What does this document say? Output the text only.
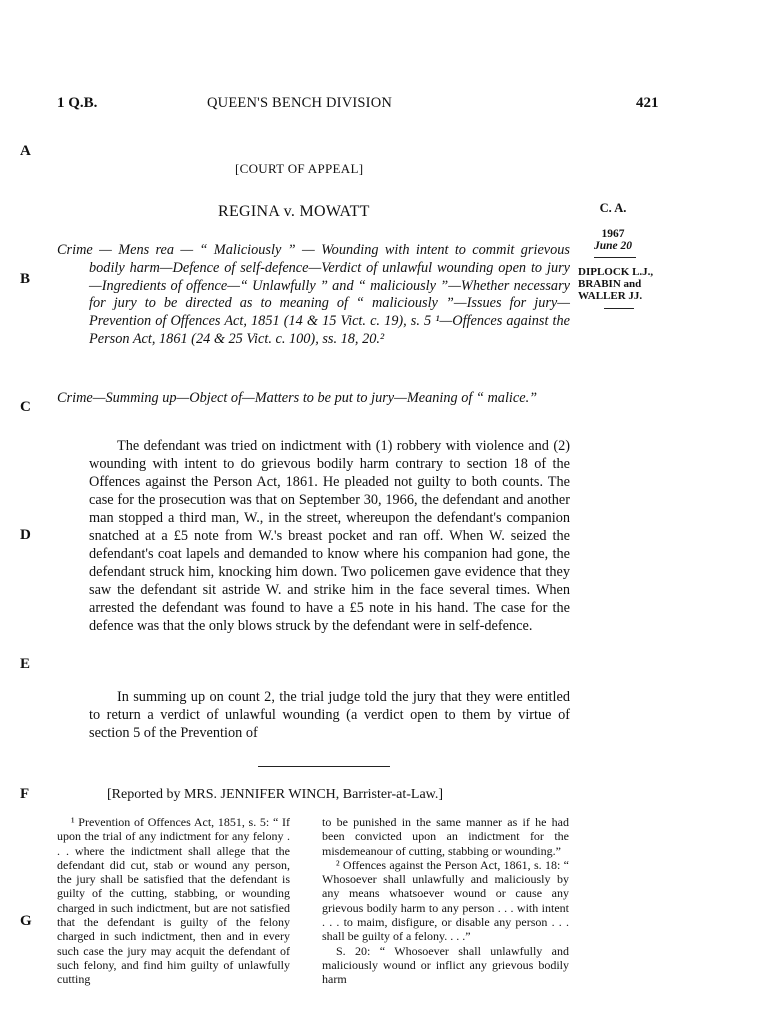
1 Q.B.	QUEEN'S BENCH DIVISION	421
A
B
C
D
E
F
G
[COURT OF APPEAL]
REGINA v. MOWATT	C. A.
1967
June 20
DIPLOCK L.J., BRABIN and WALLER JJ.
Crime — Mens rea — “ Maliciously ” — Wounding with intent to commit grievous bodily harm—Defence of self-defence—Verdict of unlawful wounding open to jury—Ingredients of offence—“ Unlawfully ” and “ maliciously ”—Whether necessary for jury to be directed as to meaning of “ maliciously ”—Issues for jury—Prevention of Offences Act, 1851 (14 & 15 Vict. c. 19), s. 5 ¹—Offences against the Person Act, 1861 (24 & 25 Vict. c. 100), ss. 18, 20.²
Crime—Summing up—Object of—Matters to be put to jury—Meaning of “ malice.”
The defendant was tried on indictment with (1) robbery with violence and (2) wounding with intent to do grievous bodily harm contrary to section 18 of the Offences against the Person Act, 1861. He pleaded not guilty to both counts. The case for the prosecution was that on September 30, 1966, the defendant and another man stopped a third man, W., in the street, whereupon the defendant's companion snatched at a £5 note from W.'s breast pocket and ran off. When W. seized the defendant's coat lapels and demanded to know where his companion had gone, the defendant struck him, knocking him down. Two policemen gave evidence that they saw the defendant sit astride W. and strike him in the face several times. When arrested the defendant was found to have a £5 note in his hand. The case for the defence was that the only blows struck by the defendant were in self-defence.
In summing up on count 2, the trial judge told the jury that they were entitled to return a verdict of unlawful wounding (a verdict open to them by virtue of section 5 of the Prevention of
[Reported by MRS. JENNIFER WINCH, Barrister-at-Law.]
¹ Prevention of Offences Act, 1851, s. 5: “ If upon the trial of any indictment for any felony . . . where the indictment shall allege that the defendant did cut, stab or wound any person, the jury shall be satisfied that the defendant is guilty of the cutting, stabbing, or wounding charged in such indictment, but are not satisfied that the defendant is guilty of the felony charged in such indictment, then and in every such case the jury may acquit the defendant of such felony, and find him guilty of unlawfully cutting
to be punished in the same manner as if he had been convicted upon an indictment for the misdemeanour of cutting, stabbing or wounding.”
² Offences against the Person Act, 1861, s. 18: “ Whosoever shall unlawfully and maliciously by any means whatsoever wound or cause any grievous bodily harm to any person . . . with intent . . . to maim, disfigure, or disable any person . . . shall be guilty of a felony. . . .”
S. 20: “ Whosoever shall unlawfully and maliciously wound or inflict any grievous bodily harm
